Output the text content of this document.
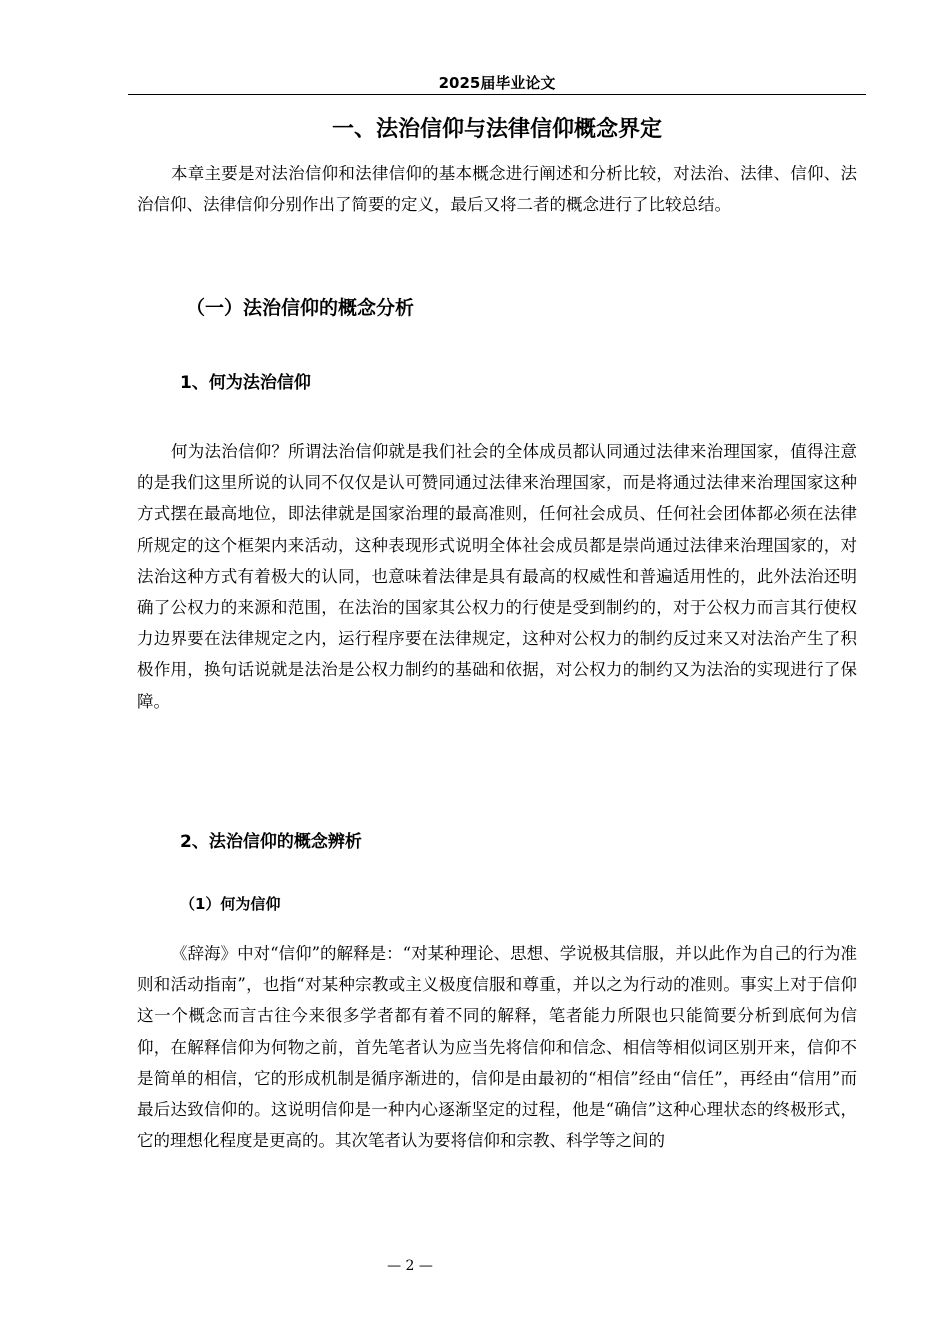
2025届毕业论文
一、法治信仰与法律信仰概念界定

本章主要是对法治信仰和法律信仰的基本概念进行阐述和分析比较，对法治、法律、信仰、法治信仰、法律信仰分别作出了简要的定义，最后又将二者的概念进行了比较总结。

（一）法治信仰的概念分析
1、何为法治信仰

何为法治信仰？所谓法治信仰就是我们社会的全体成员都认同通过法律来治理国家，值得注意的是我们这里所说的认同不仅仅是认可赞同通过法律来治理国家，而是将通过法律来治理国家这种方式摆在最高地位，即法律就是国家治理的最高准则，任何社会成员、任何社会团体都必须在法律所规定的这个框架内来活动，这种表现形式说明全体社会成员都是崇尚通过法律来治理国家的，对法治这种方式有着极大的认同，也意味着法律是具有最高的权威性和普遍适用性的，此外法治还明确了公权力的来源和范围，在法治的国家其公权力的行使是受到制约的，对于公权力而言其行使权力边界要在法律规定之内，运行程序要在法律规定，这种对公权力的制约反过来又对法治产生了积极作用，换句话说就是法治是公权力制约的基础和依据，对公权力的制约又为法治的实现进行了保障。

2、法治信仰的概念辨析
（1）何为信仰

《辞海》中对“信仰”的解释是：“对某种理论、思想、学说极其信服，并以此作为自己的行为准则和活动指南”，也指“对某种宗教或主义极度信服和尊重，并以之为行动的准则。事实上对于信仰这一个概念而言古往今来很多学者都有着不同的解释，笔者能力所限也只能简要分析到底何为信仰，在解释信仰为何物之前，首先笔者认为应当先将信仰和信念、相信等相似词区别开来，信仰不是简单的相信，它的形成机制是循序渐进的，信仰是由最初的“相信”经由“信任”，再经由“信用”而最后达致信仰的。这说明信仰是一种内心逐渐坚定的过程，他是“确信”这种心理状态的终极形式，它的理想化程度是更高的。其次笔者认为要将信仰和宗教、科学等之间的

— 2 —
